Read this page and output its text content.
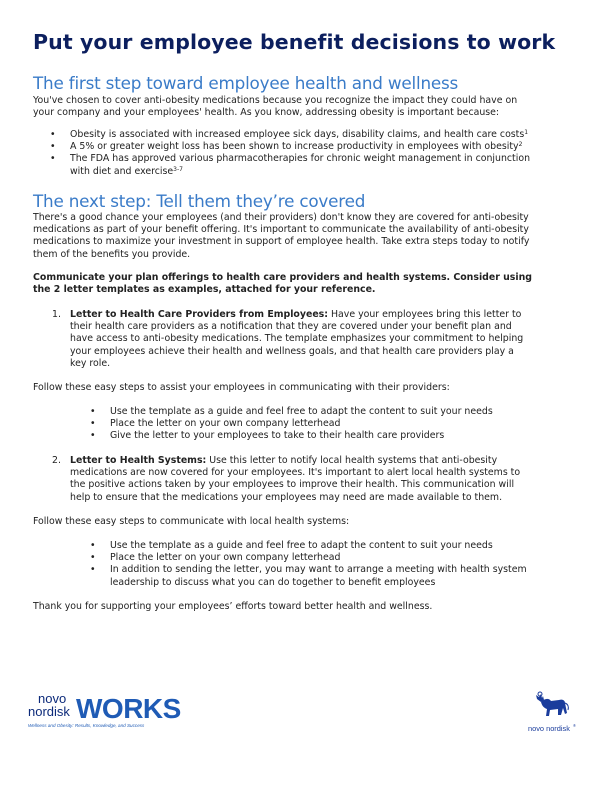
Put your employee benefit decisions to work
The first step toward employee health and wellness
You've chosen to cover anti-obesity medications because you recognize the impact they could have on
your company and your employees' health. As you know, addressing obesity is important because:
• Obesity is associated with increased employee sick days, disability claims, and health care costs$^1$
• A 5% or greater weight loss has been shown to increase productivity in employees with obesity$^2$
• The FDA has approved various pharmacotherapies for chronic weight management in conjunction
with diet and exercise$^{3-7}$
The next step: Tell them they’re covered
There's a good chance your employees (and their providers) don't know they are covered for anti-obesity
medications as part of your benefit offering. It's important to communicate the availability of anti-obesity
medications to maximize your investment in support of employee health. Take extra steps today to notify
them of the benefits you provide.
Communicate your plan offerings to health care providers and health systems. Consider using
the 2 letter templates as examples, attached for your reference.
1. Letter to Health Care Providers from Employees: Have your employees bring this letter to
their health care providers as a notification that they are covered under your benefit plan and
have access to anti-obesity medications. The template emphasizes your commitment to helping
your employees achieve their health and wellness goals, and that health care providers play a
key role.
Follow these easy steps to assist your employees in communicating with their providers:
• Use the template as a guide and feel free to adapt the content to suit your needs
• Place the letter on your own company letterhead
• Give the letter to your employees to take to their health care providers
2. Letter to Health Systems: Use this letter to notify local health systems that anti-obesity
medications are now covered for your employees. It's important to alert local health systems to
the positive actions taken by your employees to improve their health. This communication will
help to ensure that the medications your employees may need are made available to them.
Follow these easy steps to communicate with local health systems:
• Use the template as a guide and feel free to adapt the content to suit your needs
• Place the letter on your own company letterhead
• In addition to sending the letter, you may want to arrange a meeting with health system
leadership to discuss what you can do together to benefit employees
Thank you for supporting your employees’ efforts toward better health and wellness.
novo
nordisk WORKS
Wellness and Obesity: Results, Knowledge, and Success	novo nordisk ®
